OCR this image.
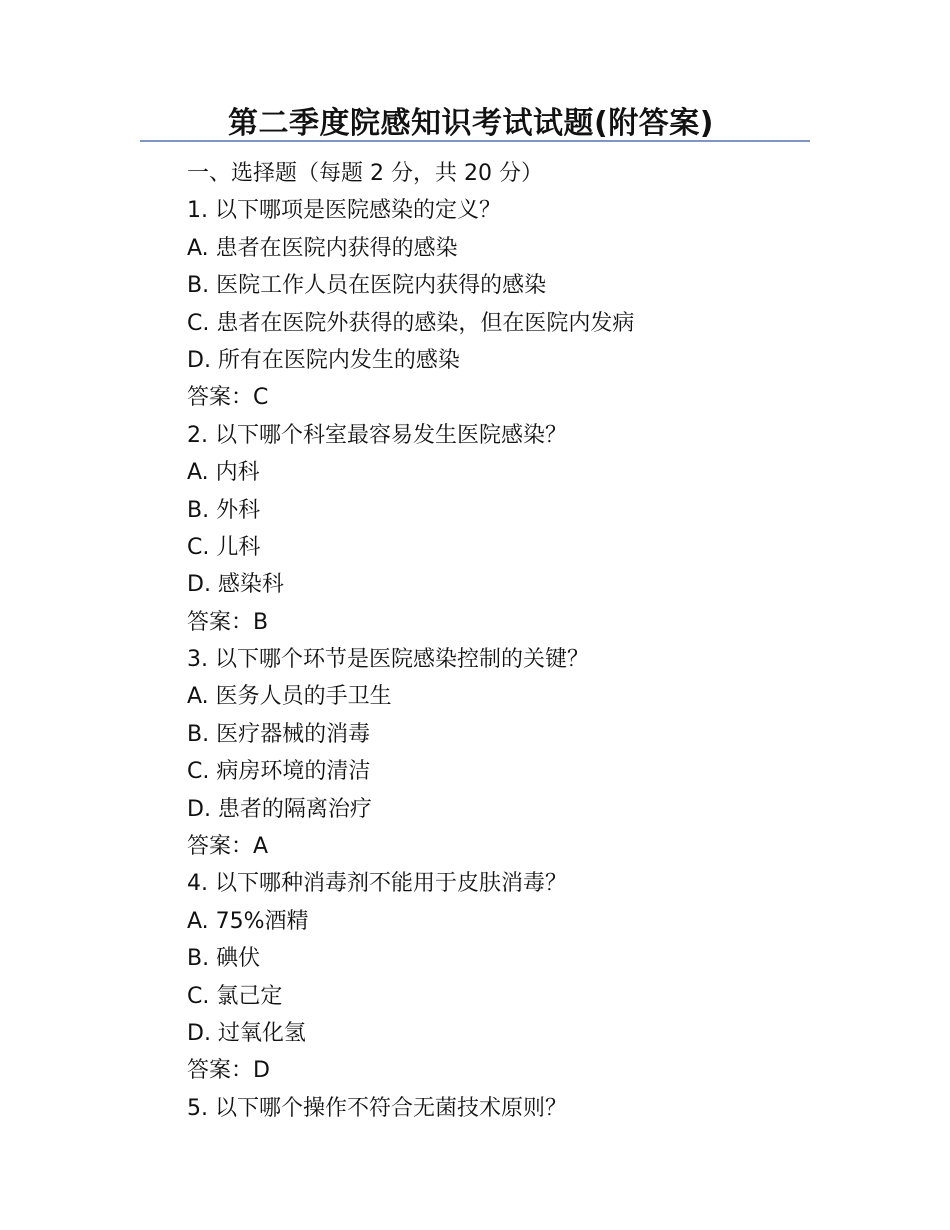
第二季度院感知识考试试题(附答案)
一、选择题（每题 2 分，共 20 分）
1. 以下哪项是医院感染的定义？
A. 患者在医院内获得的感染
B. 医院工作人员在医院内获得的感染
C. 患者在医院外获得的感染，但在医院内发病
D. 所有在医院内发生的感染
答案：C
2. 以下哪个科室最容易发生医院感染？
A. 内科
B. 外科
C. 儿科
D. 感染科
答案：B
3. 以下哪个环节是医院感染控制的关键？
A. 医务人员的手卫生
B. 医疗器械的消毒
C. 病房环境的清洁
D. 患者的隔离治疗
答案：A
4. 以下哪种消毒剂不能用于皮肤消毒？
A. 75%酒精
B. 碘伏
C. 氯己定
D. 过氧化氢
答案：D
5. 以下哪个操作不符合无菌技术原则？
